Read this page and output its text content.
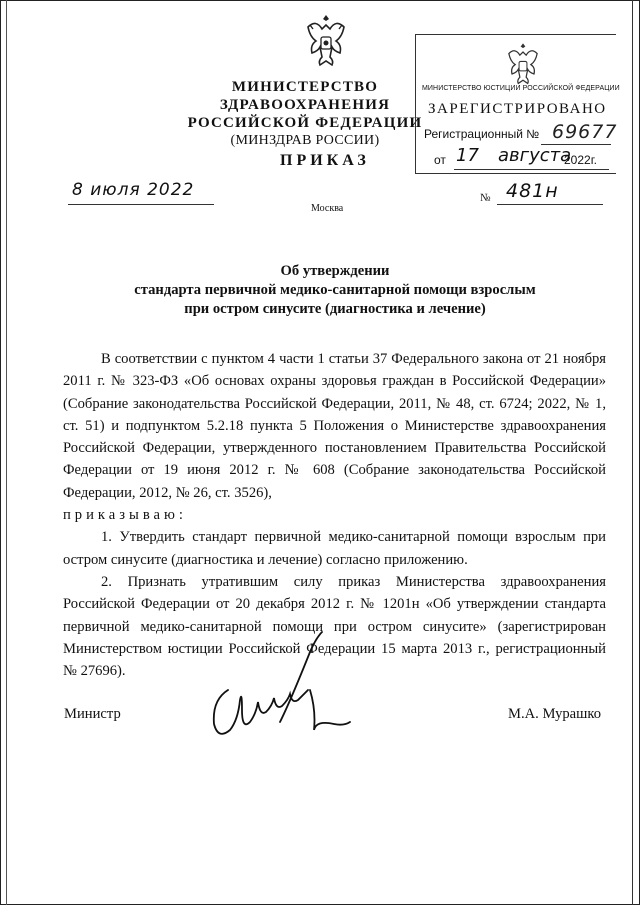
МИНИСТЕРСТВО ЗДРАВООХРАНЕНИЯ
РОССИЙСКОЙ ФЕДЕРАЦИИ
(МИНЗДРАВ РОССИИ)
МИНИСТЕРСТВО ЮСТИЦИИ РОССИЙСКОЙ ФЕДЕРАЦИИ
ЗАРЕГИСТРИРОВАНО
Регистрационный № 69677
от 17 августа
2022г.
ПРИКАЗ
8 июля 2022
Москва
№ 481н
Об утверждении
стандарта первичной медико-санитарной помощи взрослым
при остром синусите (диагностика и лечение)

В соответствии с пунктом 4 части 1 статьи 37 Федерального закона от 21 ноября 2011 г. № 323-ФЗ «Об основах охраны здоровья граждан в Российской Федерации» (Собрание законодательства Российской Федерации, 2011, № 48, ст. 6724; 2022, № 1, ст. 51) и подпунктом 5.2.18 пункта 5 Положения о Министерстве здравоохранения Российской Федерации, утвержденного постановлением Правительства Российской Федерации от 19 июня 2012 г. № 608 (Собрание законодательства Российской Федерации, 2012, № 26, ст. 3526),

приказываю:

1. Утвердить стандарт первичной медико-санитарной помощи взрослым при остром синусите (диагностика и лечение) согласно приложению.

2. Признать утратившим силу приказ Министерства здравоохранения Российской Федерации от 20 декабря 2012 г. № 1201н «Об утверждении стандарта первичной медико-санитарной помощи при остром синусите» (зарегистрирован Министерством юстиции Российской Федерации 15 марта 2013 г., регистрационный № 27696).

Министр	М.А. Мурашко
